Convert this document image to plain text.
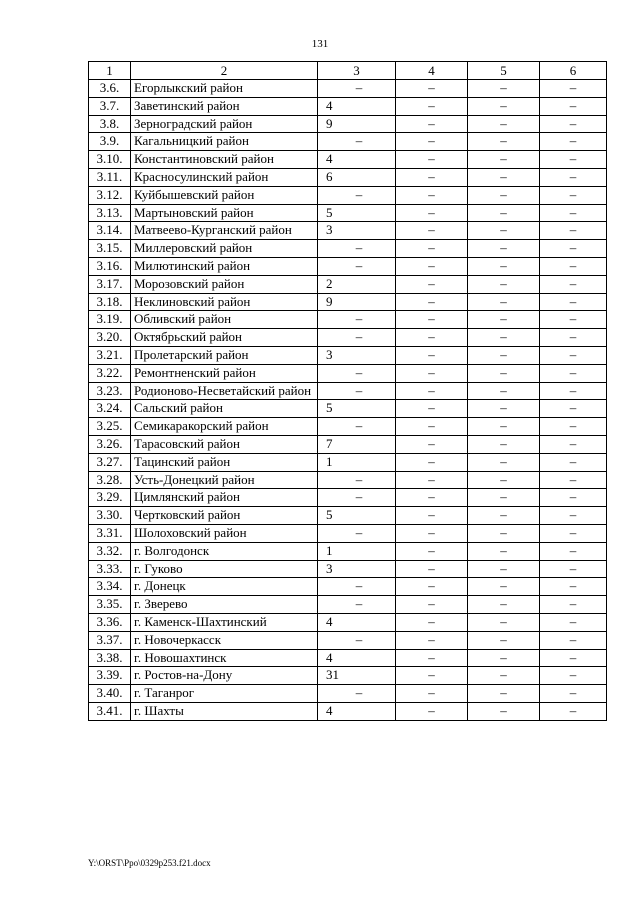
131
1	2	3	4	5	6
3.6.	Егорлыкский район	–	–	–	–
3.7.	Заветинский район	4	–	–	–
3.8.	Зерноградский район	9	–	–	–
3.9.	Кагальницкий район	–	–	–	–
3.10.	Константиновский район	4	–	–	–
3.11.	Красносулинский район	6	–	–	–
3.12.	Куйбышевский район	–	–	–	–
3.13.	Мартыновский район	5	–	–	–
3.14.	Матвеево-Курганский район	3	–	–	–
3.15.	Миллеровский район	–	–	–	–
3.16.	Милютинский район	–	–	–	–
3.17.	Морозовский район	2	–	–	–
3.18.	Неклиновский район	9	–	–	–
3.19.	Обливский район	–	–	–	–
3.20.	Октябрьский район	–	–	–	–
3.21.	Пролетарский район	3	–	–	–
3.22.	Ремонтненский район	–	–	–	–
3.23.	Родионово-Несветайский район	–	–	–	–
3.24.	Сальский район	5	–	–	–
3.25.	Семикаракорский район	–	–	–	–
3.26.	Тарасовский район	7	–	–	–
3.27.	Тацинский район	1	–	–	–
3.28.	Усть-Донецкий район	–	–	–	–
3.29.	Цимлянский район	–	–	–	–
3.30.	Чертковский район	5	–	–	–
3.31.	Шолоховский район	–	–	–	–
3.32.	г. Волгодонск	1	–	–	–
3.33.	г. Гуково	3	–	–	–
3.34.	г. Донецк	–	–	–	–
3.35.	г. Зверево	–	–	–	–
3.36.	г. Каменск-Шахтинский	4	–	–	–
3.37.	г. Новочеркасск	–	–	–	–
3.38.	г. Новошахтинск	4	–	–	–
3.39.	г. Ростов-на-Дону	31	–	–	–
3.40.	г. Таганрог	–	–	–	–
3.41.	г. Шахты	4	–	–	–
Y:\ORST\Ppo\0329p253.f21.docx
